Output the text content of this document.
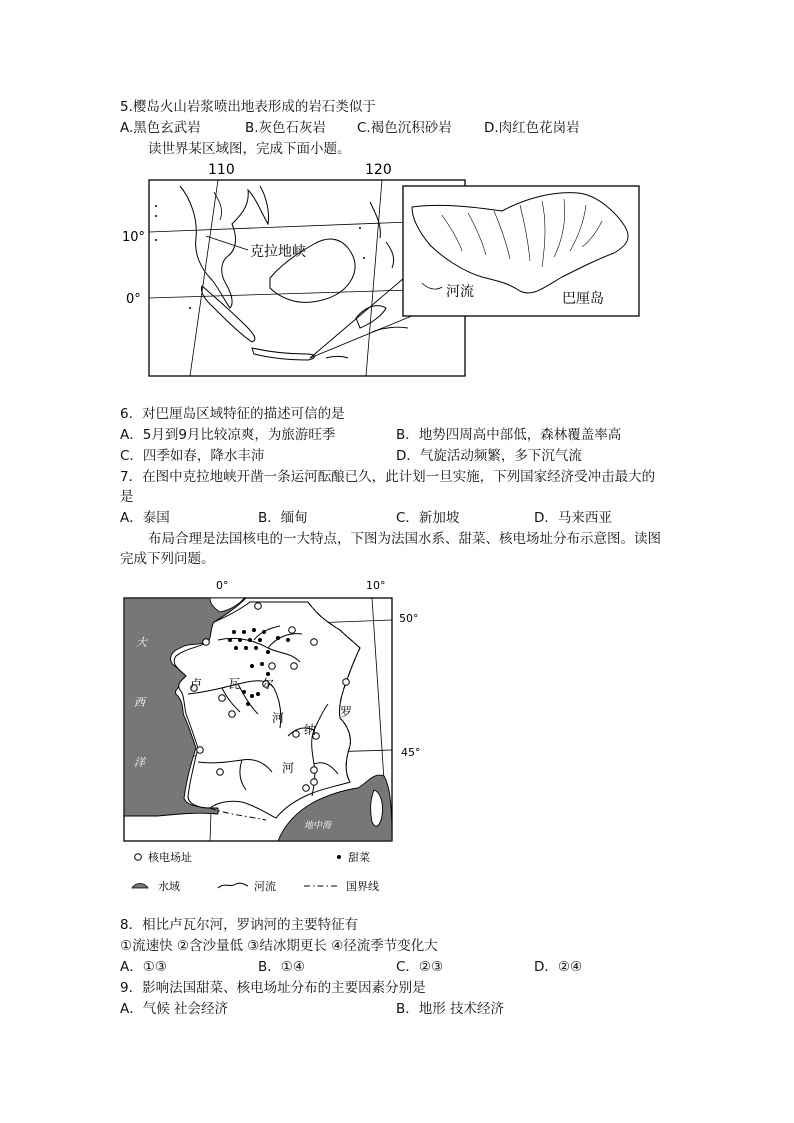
5.樱岛火山岩浆喷出地表形成的岩石类似于
A.黑色玄武岩	B.灰色石灰岩 C.褐色沉积砂岩 D.肉红色花岗岩
读世界某区域图，完成下面小题。
110	120
10°
0°
克拉地峡
河流	巴厘岛
6．对巴厘岛区域特征的描述可信的是
A．5月到9月比较凉爽，为旅游旺季	B．地势四周高中部低，森林覆盖率高
C．四季如春，降水丰沛	D．气旋活动频繁，多下沉气流
7．在图中克拉地峡开凿一条运河酝酿已久，此计划一旦实施，下列国家经济受冲击最大的
是
A．泰国	B．缅甸	C．新加坡	D．马来西亚
布局合理是法国核电的一大特点，下图为法国水系、甜菜、核电场址分布示意图。读图
完成下列问题。
0°	10°
50°
45°
大
西
洋
卢 瓦 尔
河	罗
纳
河
地中海
核电场址	甜菜
水域	河流	国界线
8．相比卢瓦尔河，罗讷河的主要特征有
①流速快 ②含沙量低 ③结冰期更长 ④径流季节变化大
A．①③	B．①④	C．②③	D．②④
9．影响法国甜菜、核电场址分布的主要因素分别是
A．气候 社会经济	B．地形 技术经济
